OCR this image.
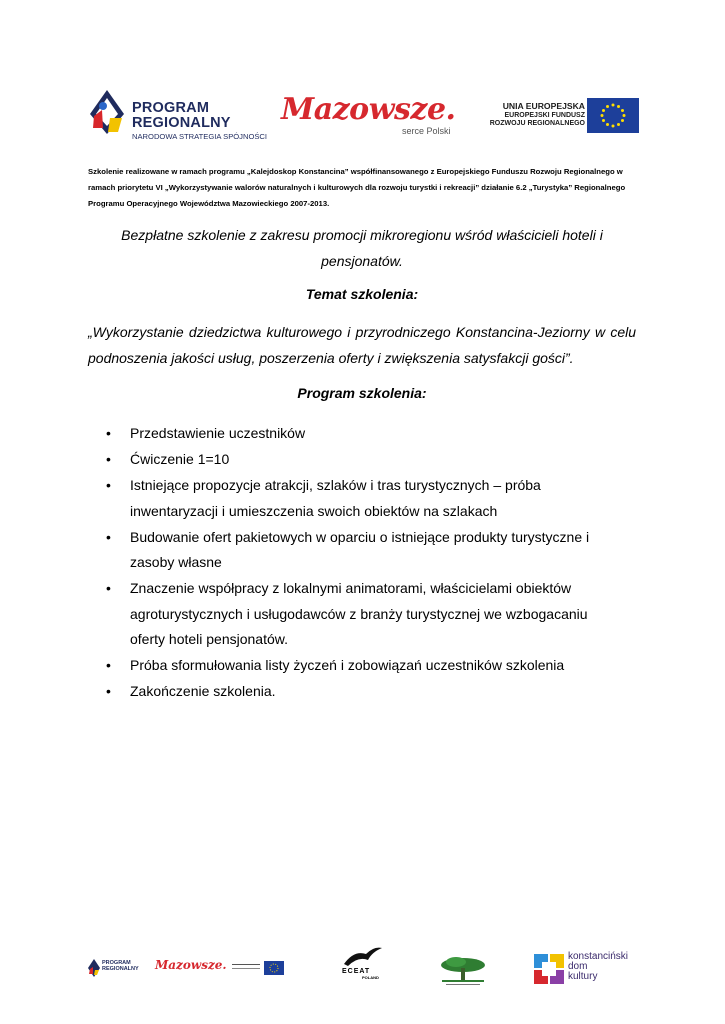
PROGRAM
REGIONALNY
NARODOWA STRATEGIA SPÓJNOŚCI
Mazowsze.
serce Polski
UNIA EUROPEJSKA
EUROPEJSKI FUNDUSZ
ROZWOJU REGIONALNEGO
Szkolenie realizowane w ramach programu „Kalejdoskop Konstancina” współfinansowanego z Europejskiego Funduszu Rozwoju Regionalnego w ramach priorytetu VI „Wykorzystywanie walorów naturalnych i kulturowych dla rozwoju turystki i rekreacji” działanie 6.2 „Turystyka” Regionalnego Programu Operacyjnego Województwa Mazowieckiego 2007-2013.
Bezpłatne szkolenie z zakresu promocji mikroregionu wśród właścicieli hoteli i pensjonatów.
Temat szkolenia:
„Wykorzystanie dziedzictwa kulturowego i przyrodniczego Konstancina-Jeziorny w celu podnoszenia jakości usług, poszerzenia oferty i zwiększenia satysfakcji gości”.
Program szkolenia:
• Przedstawienie uczestników
• Ćwiczenie 1=10
• Istniejące propozycje atrakcji, szlaków i tras turystycznych – próba inwentaryzacji i umieszczenia swoich obiektów na szlakach
• Budowanie ofert pakietowych w oparciu o istniejące produkty turystyczne i zasoby własne
• Znaczenie współpracy z lokalnymi animatorami, właścicielami obiektów agroturystycznych i usługodawców z branży turystycznej we wzbogacaniu oferty hoteli pensjonatów.
• Próba sformułowania listy życzeń i zobowiązań uczestników szkolenia
• Zakończenie szkolenia.
PROGRAM
REGIONALNY Mazowsze.	ECEAT
POLAND
konstanciński
dom
kultury
